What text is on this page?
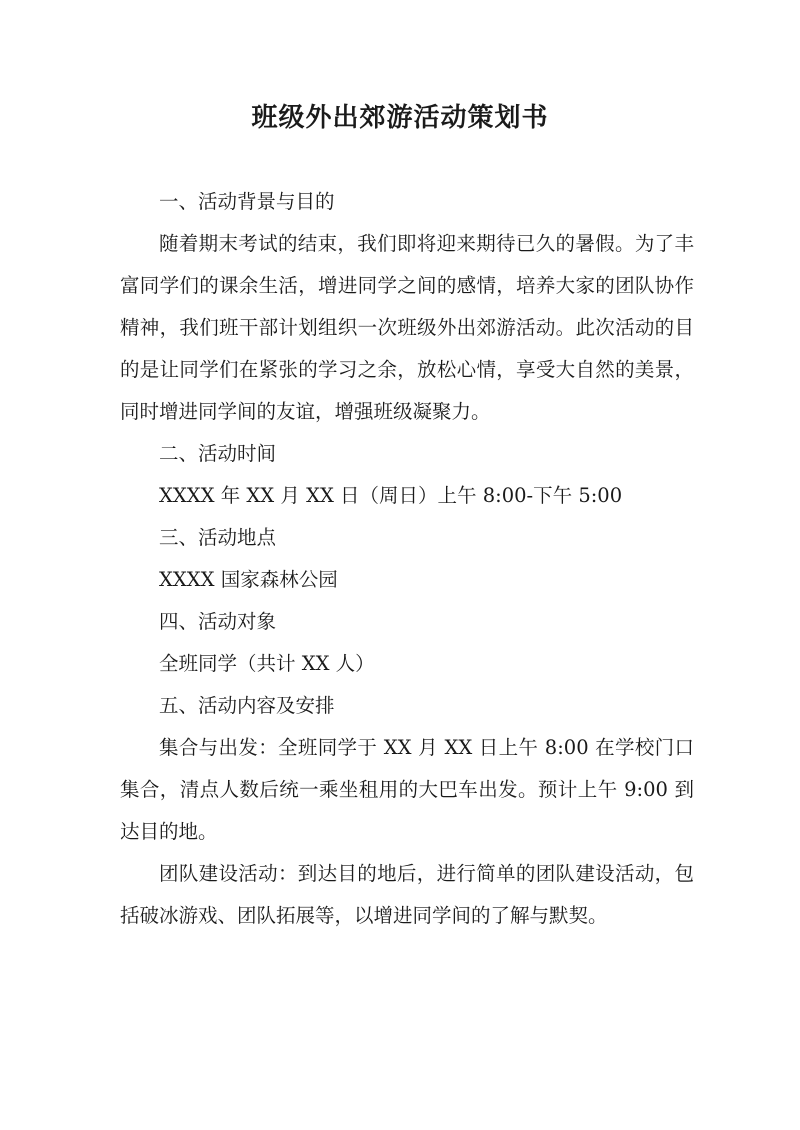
班级外出郊游活动策划书

一、活动背景与目的

随着期末考试的结束，我们即将迎来期待已久的暑假。为了丰富同学们的课余生活，增进同学之间的感情，培养大家的团队协作精神，我们班干部计划组织一次班级外出郊游活动。此次活动的目的是让同学们在紧张的学习之余，放松心情，享受大自然的美景，同时增进同学间的友谊，增强班级凝聚力。

二、活动时间

XXXX 年 XX 月 XX 日（周日）上午 8:00-下午 5:00

三、活动地点

XXXX 国家森林公园

四、活动对象

全班同学（共计 XX 人）

五、活动内容及安排

集合与出发：全班同学于 XX 月 XX 日上午 8:00 在学校门口集合，清点人数后统一乘坐租用的大巴车出发。预计上午 9:00 到达目的地。

团队建设活动：到达目的地后，进行简单的团队建设活动，包括破冰游戏、团队拓展等，以增进同学间的了解与默契。
